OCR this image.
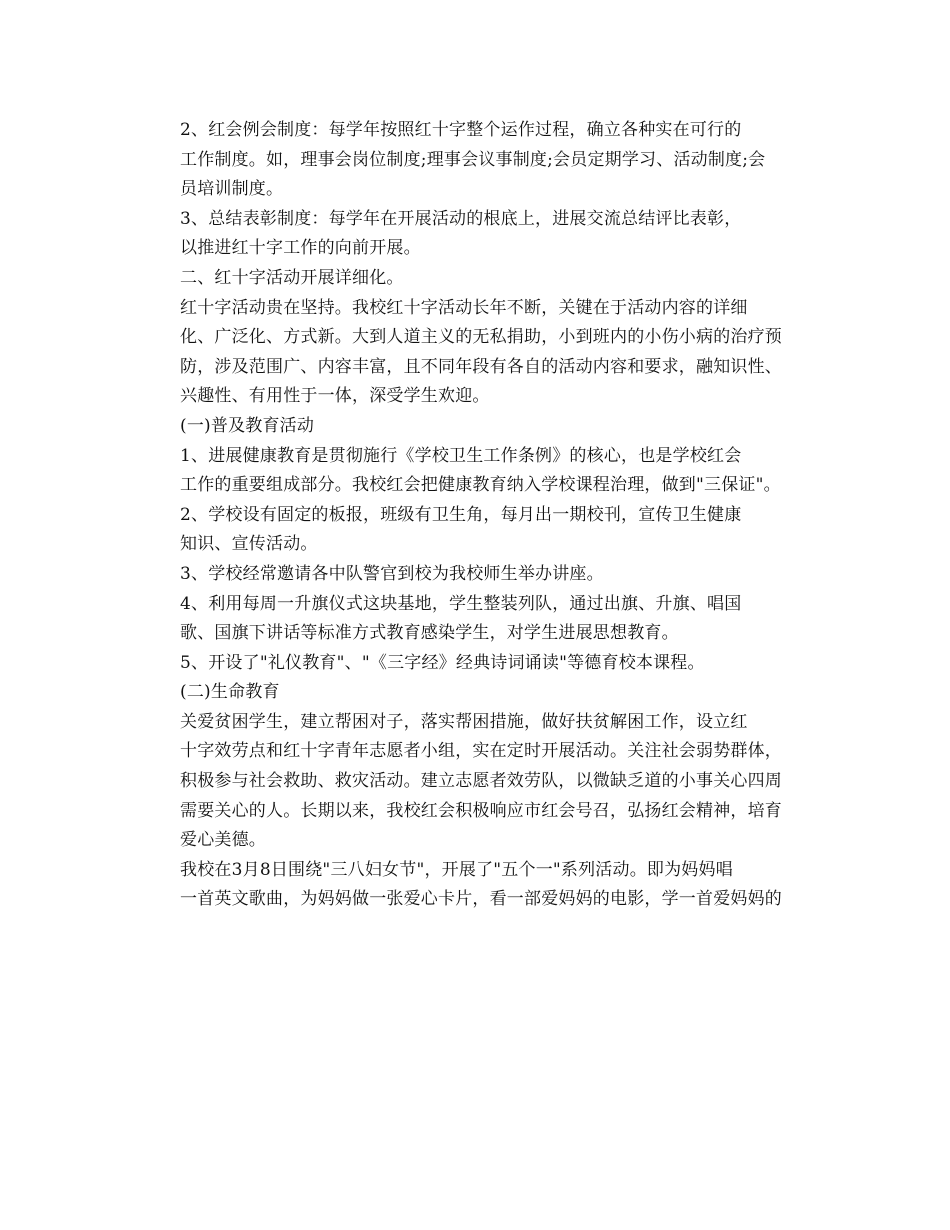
2、红会例会制度：每学年按照红十字整个运作过程，确立各种实在可行的
工作制度。如，理事会岗位制度;理事会议事制度;会员定期学习、活动制度;会
员培训制度。

3、总结表彰制度：每学年在开展活动的根底上，进展交流总结评比表彰，
以推进红十字工作的向前开展。

二、红十字活动开展详细化。

红十字活动贵在坚持。我校红十字活动长年不断，关键在于活动内容的详细
化、广泛化、方式新。大到人道主义的无私捐助，小到班内的小伤小病的治疗预
防，涉及范围广、内容丰富，且不同年段有各自的活动内容和要求，融知识性、
兴趣性、有用性于一体，深受学生欢迎。

(一)普及教育活动

1、进展健康教育是贯彻施行《学校卫生工作条例》的核心，也是学校红会
工作的重要组成部分。我校红会把健康教育纳入学校课程治理，做到"三保证"。

2、学校设有固定的板报，班级有卫生角，每月出一期校刊，宣传卫生健康
知识、宣传活动。

3、学校经常邀请各中队警官到校为我校师生举办讲座。

4、利用每周一升旗仪式这块基地，学生整装列队，通过出旗、升旗、唱国
歌、国旗下讲话等标准方式教育感染学生，对学生进展思想教育。

5、开设了"礼仪教育"、"《三字经》经典诗词诵读"等德育校本课程。

(二)生命教育

关爱贫困学生，建立帮困对子，落实帮困措施，做好扶贫解困工作，设立红
十字效劳点和红十字青年志愿者小组，实在定时开展活动。关注社会弱势群体，
积极参与社会救助、救灾活动。建立志愿者效劳队，以微缺乏道的小事关心四周
需要关心的人。长期以来，我校红会积极响应市红会号召，弘扬红会精神，培育
爱心美德。

我校在3月8日围绕"三八妇女节"，开展了"五个一"系列活动。即为妈妈唱
一首英文歌曲，为妈妈做一张爱心卡片，看一部爱妈妈的电影，学一首爱妈妈的
